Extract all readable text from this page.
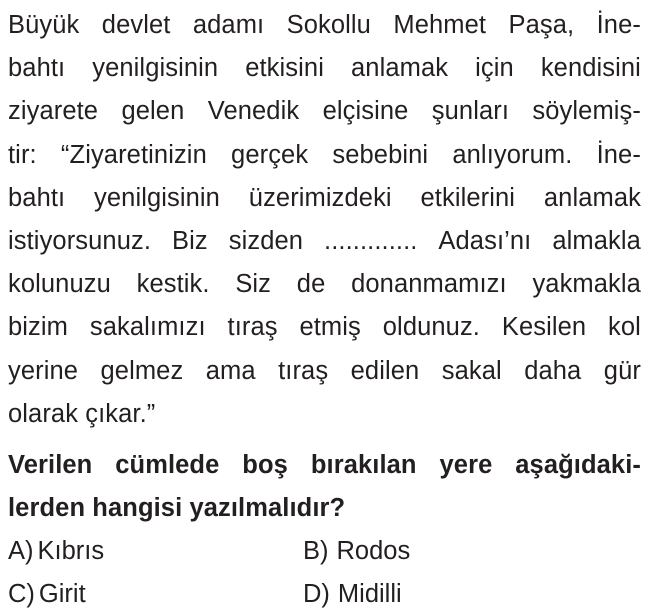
Büyük devlet adamı Sokollu Mehmet Paşa, İne-
bahtı yenilgisinin etkisini anlamak için kendisini
ziyarete gelen Venedik elçisine şunları söylemiş-
tir: “Ziyaretinizin gerçek sebebini anlıyorum. İne-
bahtı yenilgisinin üzerimizdeki etkilerini anlamak
istiyorsunuz. Biz sizden ............. Adası’nı almakla
kolunuzu kestik. Siz de donanmamızı yakmakla
bizim sakalımızı tıraş etmiş oldunuz. Kesilen kol
yerine gelmez ama tıraş edilen sakal daha gür
olarak çıkar.”
Verilen cümlede boş bırakılan yere aşağıdaki-
lerden hangisi yazılmalıdır?
A) Kıbrıs	B) Rodos
C) Girit	D) Midilli
